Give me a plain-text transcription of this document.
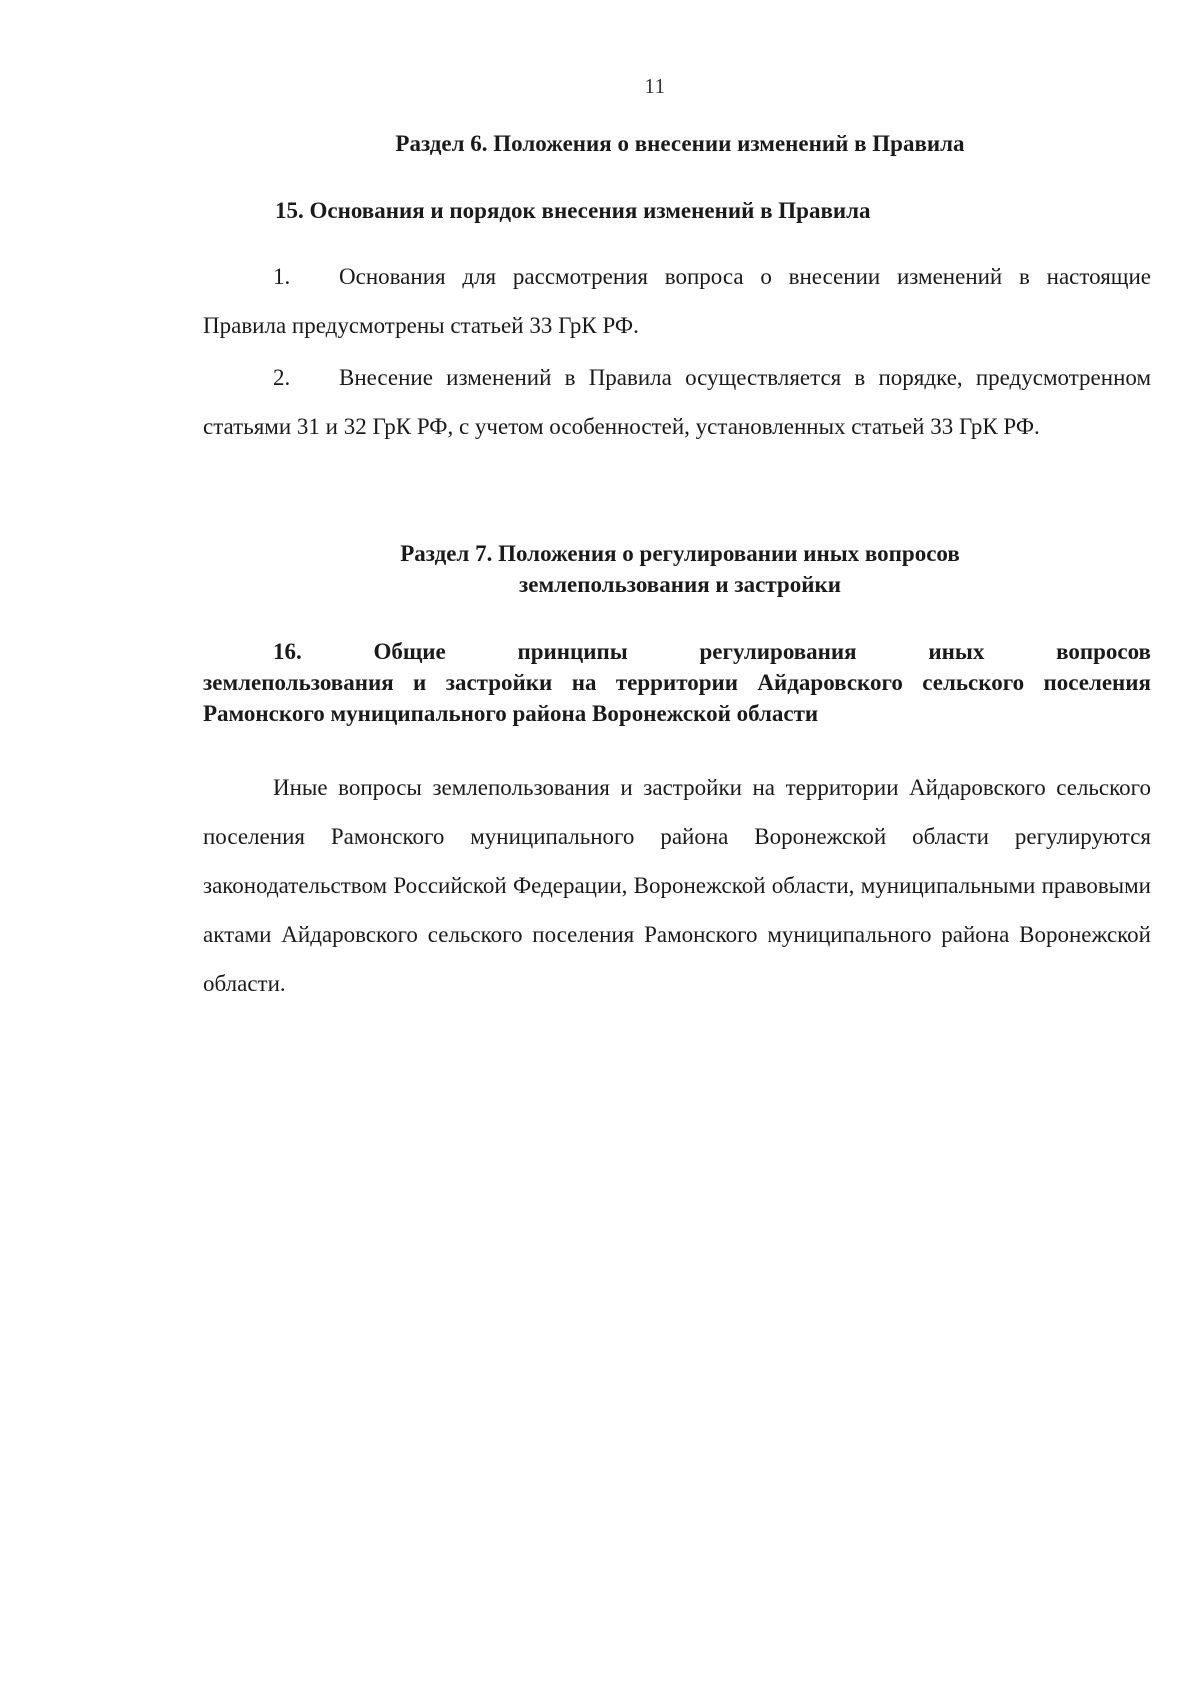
11
Раздел 6. Положения о внесении изменений в Правила
15. Основания и порядок внесения изменений в Правила
1. Основания для рассмотрения вопроса о внесении изменений в настоящие Правила предусмотрены статьей 33 ГрК РФ.
2. Внесение изменений в Правила осуществляется в порядке, предусмотренном статьями 31 и 32 ГрК РФ, с учетом особенностей, установленных статьей 33 ГрК РФ.
Раздел 7. Положения о регулировании иных вопросов
землепользования и застройки
16.	Общие	принципы	регулирования	иных	вопросов
землепользования и застройки на территории Айдаровского сельского поселения Рамонского муниципального района Воронежской области
Иные вопросы землепользования и застройки на территории Айдаровского сельского поселения Рамонского муниципального района Воронежской области регулируются законодательством Российской Федерации, Воронежской области, муниципальными правовыми актами Айдаровского сельского поселения Рамонского муниципального района Воронежской области.
